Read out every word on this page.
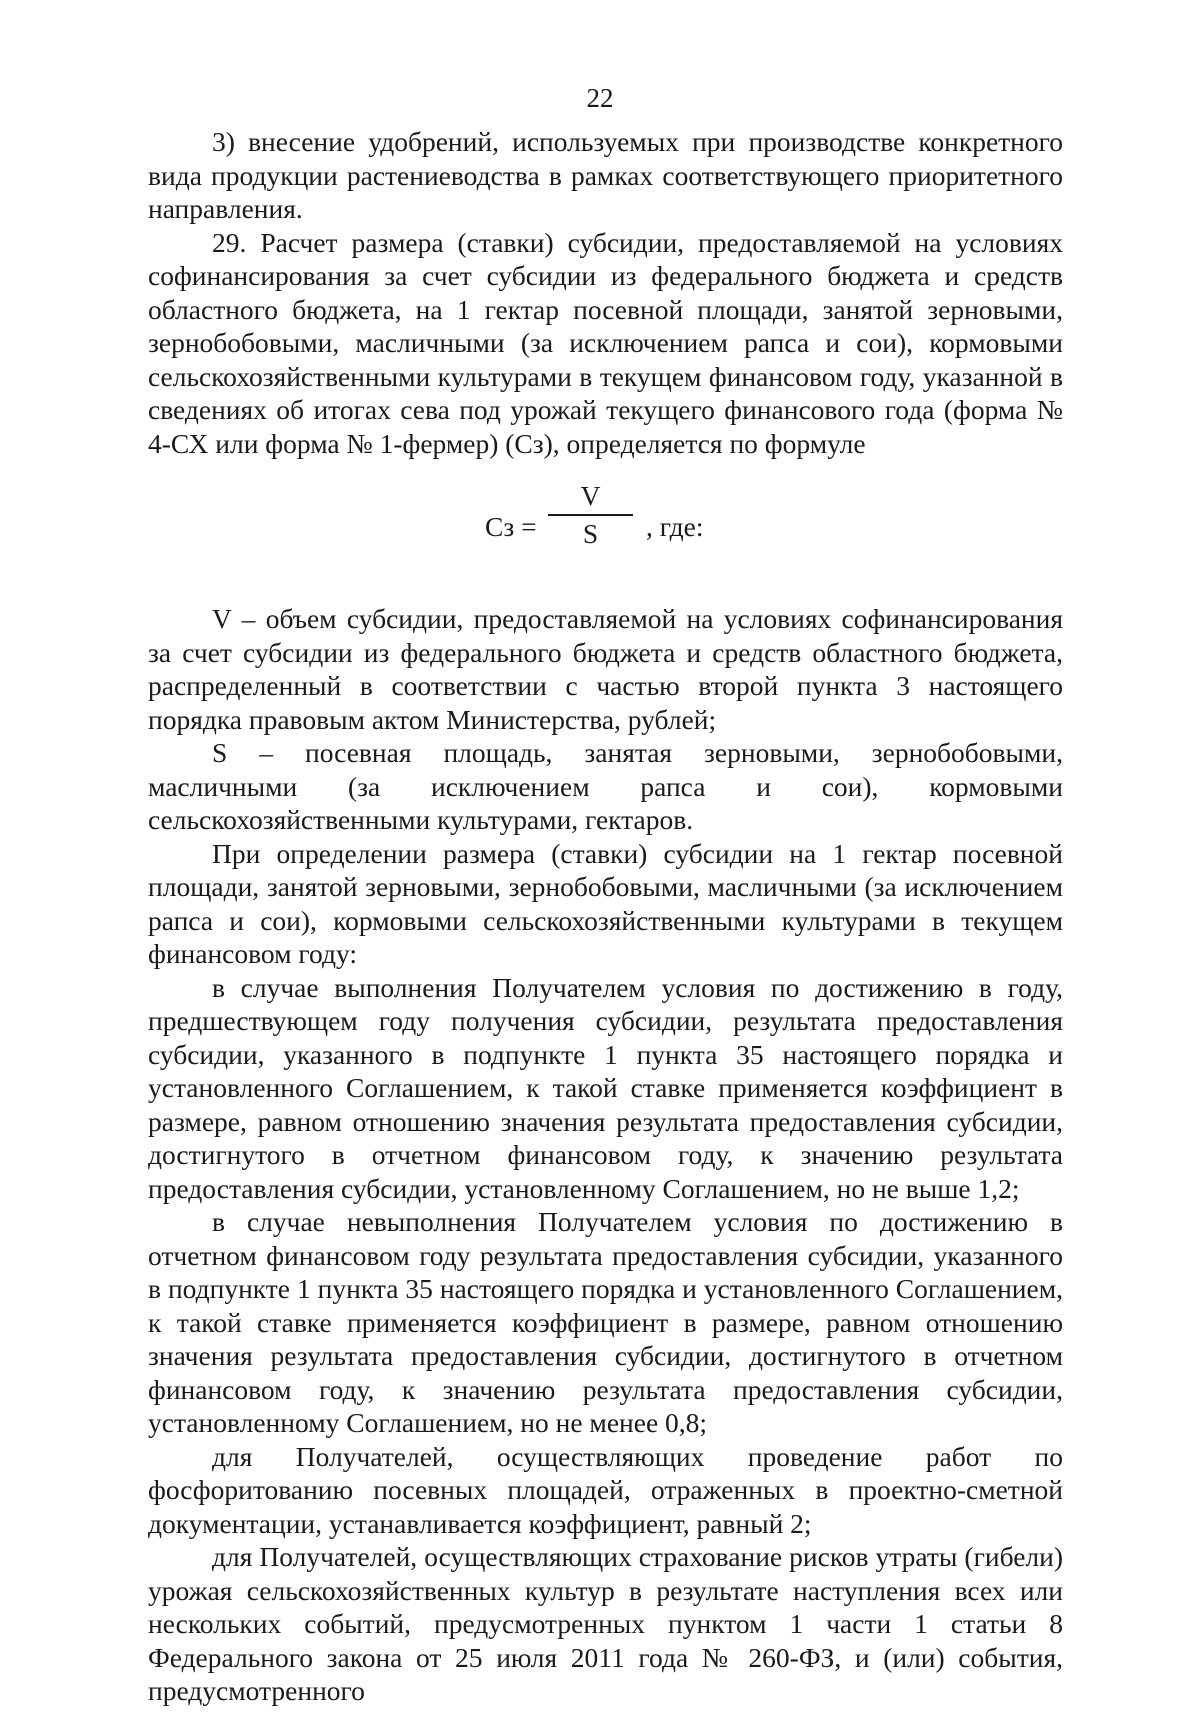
22

3) внесение удобрений, используемых при производстве конкретного вида продукции растениеводства в рамках соответствующего приоритетного направления.

29. Расчет размера (ставки) субсидии, предоставляемой на условиях софинансирования за счет субсидии из федерального бюджета и средств областного бюджета, на 1 гектар посевной площади, занятой зерновыми, зернобобовыми, масличными (за исключением рапса и сои), кормовыми сельскохозяйственными культурами в текущем финансовом году, указанной в сведениях об итогах сева под урожай текущего финансового года (форма № 4-СХ или форма № 1-фермер) (Сз), определяется по формуле

Сз =
V
S	, где:

V – объем субсидии, предоставляемой на условиях софинансирования за счет субсидии из федерального бюджета и средств областного бюджета, распределенный в соответствии с частью второй пункта 3 настоящего порядка правовым актом Министерства, рублей;

S – посевная площадь, занятая зерновыми, зернобобовыми, масличными (за исключением рапса и сои), кормовыми сельскохозяйственными культурами, гектаров.

При определении размера (ставки) субсидии на 1 гектар посевной площади, занятой зерновыми, зернобобовыми, масличными (за исключением рапса и сои), кормовыми сельскохозяйственными культурами в текущем финансовом году:

в случае выполнения Получателем условия по достижению в году, предшествующем году получения субсидии, результата предоставления субсидии, указанного в подпункте 1 пункта 35 настоящего порядка и установленного Соглашением, к такой ставке применяется коэффициент в размере, равном отношению значения результата предоставления субсидии, достигнутого в отчетном финансовом году, к значению результата предоставления субсидии, установленному Соглашением, но не выше 1,2;

в случае невыполнения Получателем условия по достижению в отчетном финансовом году результата предоставления субсидии, указанного в подпункте 1 пункта 35 настоящего порядка и установленного Соглашением, к такой ставке применяется коэффициент в размере, равном отношению значения результата предоставления субсидии, достигнутого в отчетном финансовом году, к значению результата предоставления субсидии, установленному Соглашением, но не менее 0,8;

для Получателей, осуществляющих проведение работ по фосфоритованию посевных площадей, отраженных в проектно-сметной документации, устанавливается коэффициент, равный 2;

для Получателей, осуществляющих страхование рисков утраты (гибели) урожая сельскохозяйственных культур в результате наступления всех или нескольких событий, предусмотренных пунктом 1 части 1 статьи 8 Федерального закона от 25 июля 2011 года № 260-ФЗ, и (или) события, предусмотренного
